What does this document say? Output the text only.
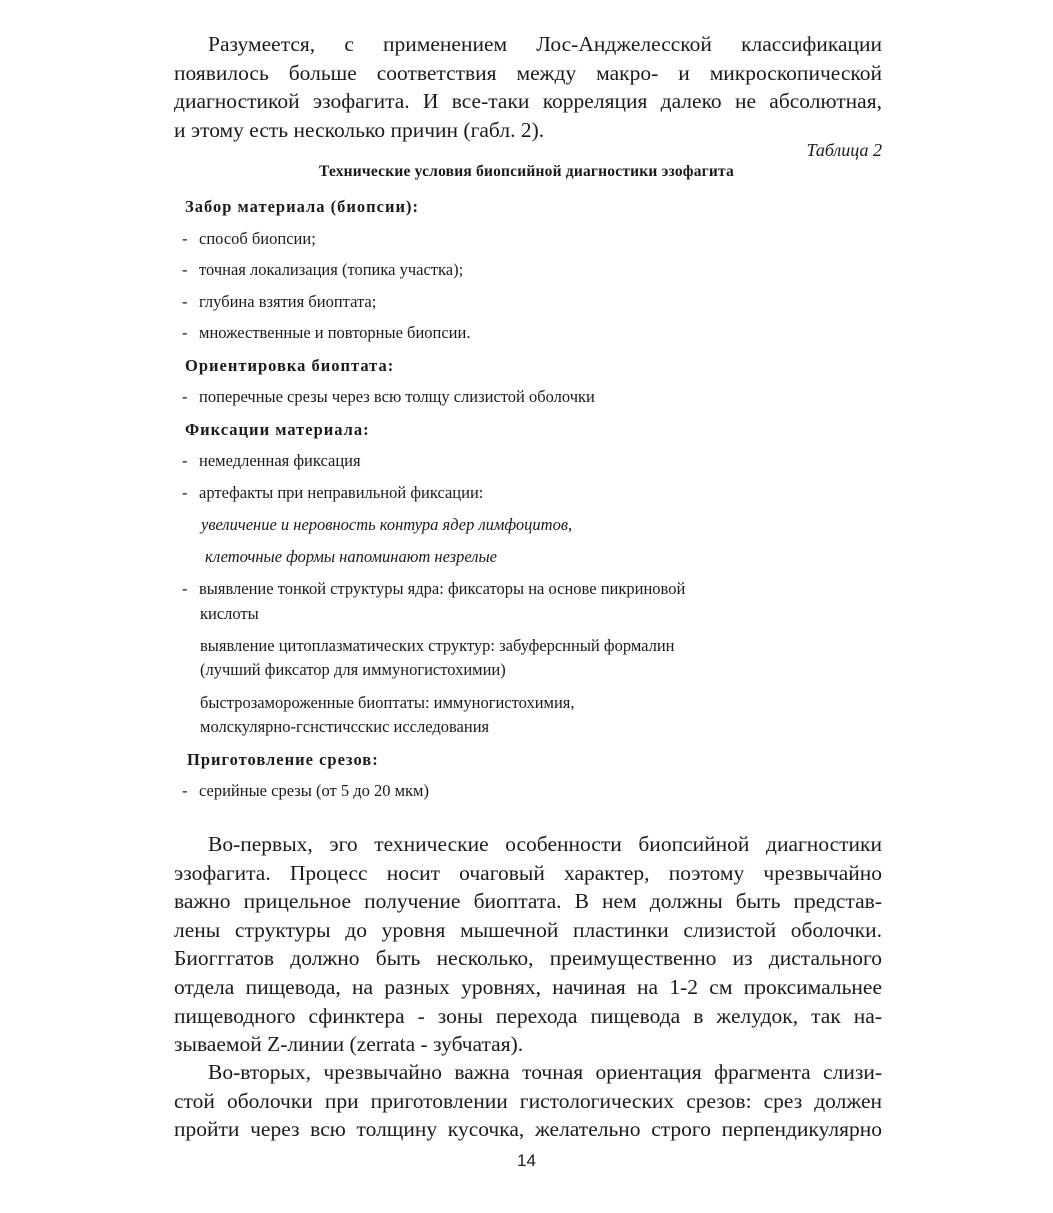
Разумеется, с применением Лос-Анджелесской классификации
появилось больше соответствия между макро- и микроскопической
диагностикой эзофагита. И все-таки корреляция далеко не абсолютная,
и этому есть несколько причин (габл. 2).

Таблица 2
Технические условия биопсийной диагностики эзофагита
Забор материала (биопсии):
- способ биопсии;
- точная локализация (топика участка);
- глубина взятия биоптата;
- множественные и повторные биопсии.
Ориентировка биоптата:
- поперечные срезы через всю толщу слизистой оболочки
Фиксации материала:
- немедленная фиксация
- артефакты при неправильной фиксации:
увеличение и неровность контура ядер лимфоцитов,
клеточные формы напоминают незрелые
- выявление тонкой структуры ядра: фиксаторы на основе пикриновой
кислоты
выявление цитоплазматических структур: забуферснный формалин
(лучший фиксатор для иммуногистохимии)
быстрозамороженные биоптаты: иммуногистохимия,
молскулярно-гснстичсскис исследования
Приготовление срезов:
- серийные срезы (от 5 до 20 мкм)

Во-первых, эго технические особенности биопсийной диагностики
эзофагита. Процесс носит очаговый характер, поэтому чрезвычайно
важно прицельное получение биоптата. В нем должны быть представ-
лены структуры до уровня мышечной пластинки слизистой оболочки.
Биогггатов должно быть несколько, преимущественно из дистального
отдела пищевода, на разных уровнях, начиная на 1-2 см проксимальнее
пищеводного сфинктера - зоны перехода пищевода в желудок, так на-
зываемой Z-линии (zerrata - зубчатая).

Во-вторых, чрезвычайно важна точная ориентация фрагмента слизи-
стой оболочки при приготовлении гистологических срезов: срез должен
пройти через всю толщину кусочка, желательно строго перпендикулярно

14
